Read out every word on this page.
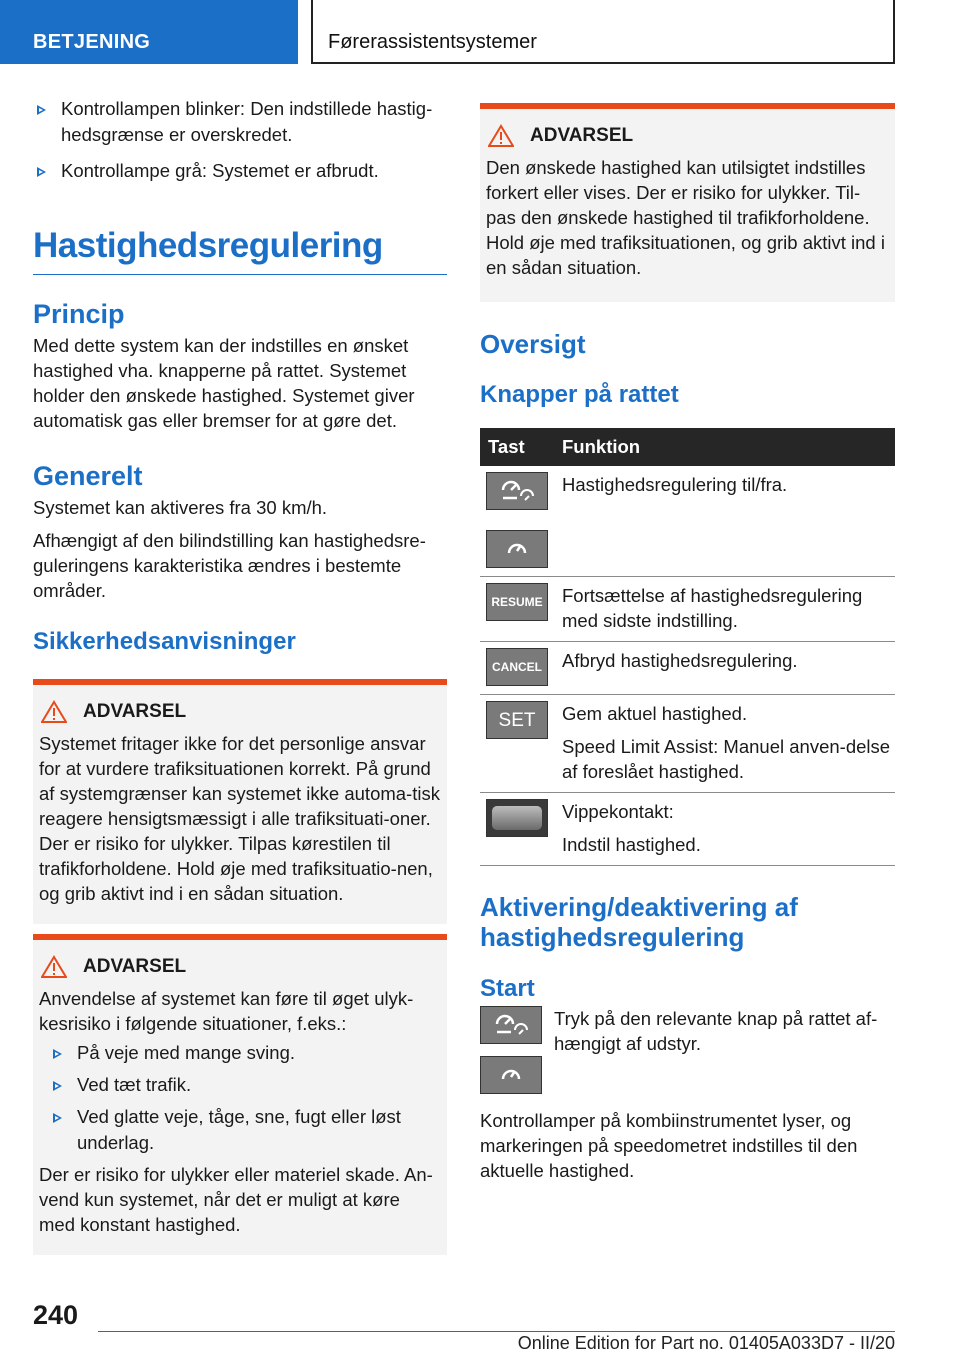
BETJENING	Førerassistentsystemer
Kontrollampen blinker: Den indstillede hastig-hedsgrænse er overskredet.
Kontrollampe grå: Systemet er afbrudt.
Hastighedsregulering
Princip
Med dette system kan der indstilles en ønsket hastighed vha. knapperne på rattet. Systemet holder den ønskede hastighed. Systemet giver automatisk gas eller bremser for at gøre det.
Generelt
Systemet kan aktiveres fra 30 km/h.
Afhængigt af den bilindstilling kan hastighedsre-guleringens karakteristika ændres i bestemte områder.
Sikkerhedsanvisninger
ADVARSEL
Systemet fritager ikke for det personlige ansvar for at vurdere trafiksituationen korrekt. På grund af systemgrænser kan systemet ikke automa-tisk reagere hensigtsmæssigt i alle trafiksituati-oner. Der er risiko for ulykker. Tilpas kørestilen til trafikforholdene. Hold øje med trafiksituatio-nen, og grib aktivt ind i en sådan situation.
ADVARSEL
Anvendelse af systemet kan føre til øget ulyk-kesrisiko i følgende situationer, f.eks.:
På veje med mange sving.
Ved tæt trafik.
Ved glatte veje, tåge, sne, fugt eller løst underlag.
Der er risiko for ulykker eller materiel skade. An-vend kun systemet, når det er muligt at køre med konstant hastighed.
ADVARSEL
Den ønskede hastighed kan utilsigtet indstilles forkert eller vises. Der er risiko for ulykker. Til-pas den ønskede hastighed til trafikforholdene. Hold øje med trafiksituationen, og grib aktivt ind i en sådan situation.
Oversigt
Knapper på rattet
Tast	Funktion

	Hastighedsregulering til/fra.

RESUME	Fortsættelse af hastighedsregulering med sidste indstilling.

CANCEL	Afbryd hastighedsregulering.

SET	Gem aktuel hastighed.
Speed Limit Assist: Manuel anven-delse af foreslået hastighed.

	Vippekontakt:
Indstil hastighed.
Aktivering/deaktivering af hastighedsregulering
Start
Tryk på den relevante knap på rattet af-hængigt af udstyr.
Kontrollamper på kombiinstrumentet lyser, og markeringen på speedometret indstilles til den aktuelle hastighed.
240
Online Edition for Part no. 01405A033D7 - II/20
